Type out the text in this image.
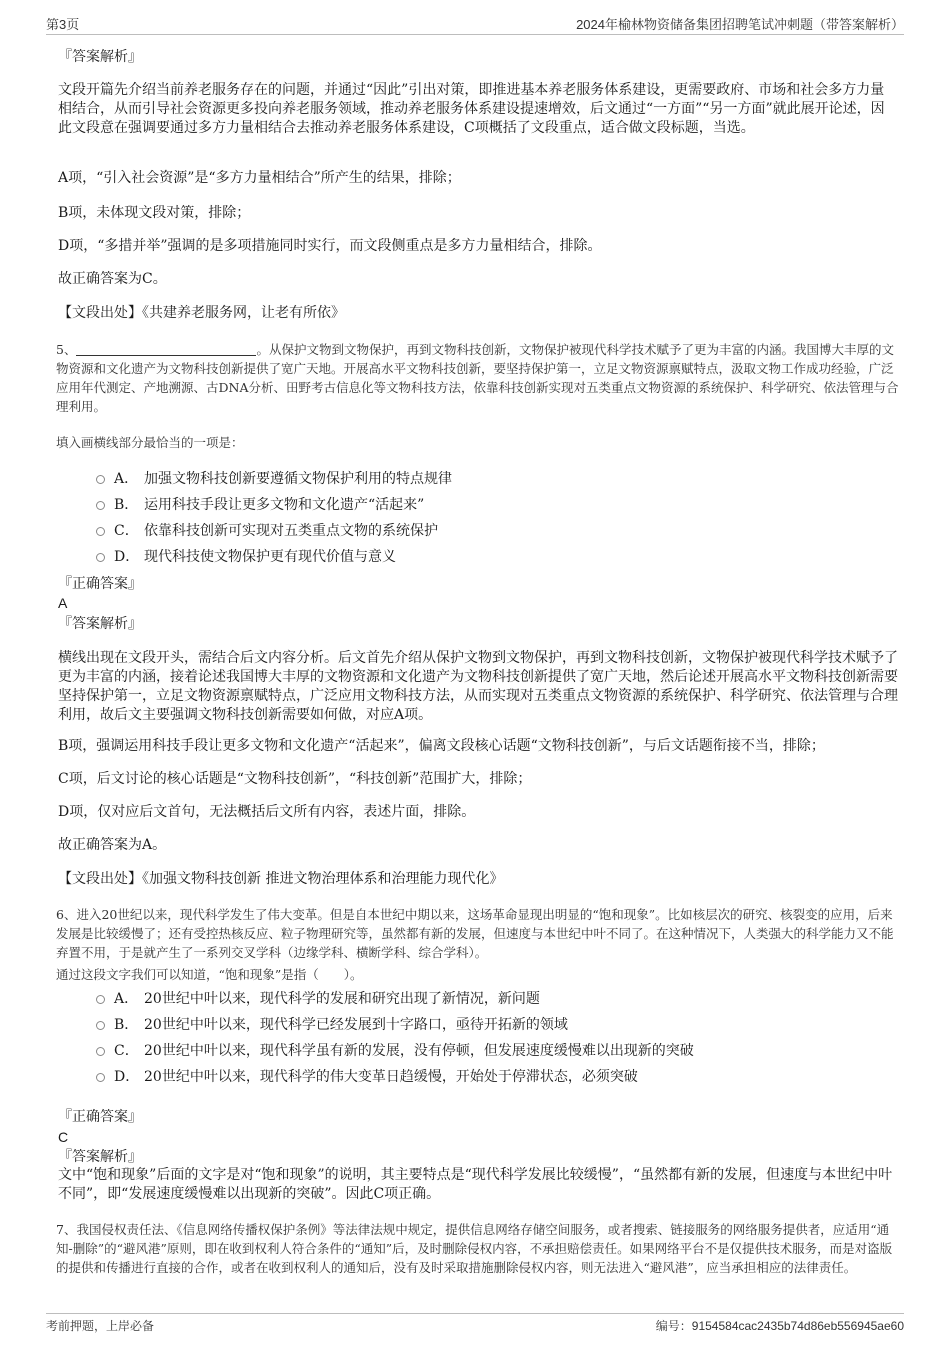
第3页	2024年榆林物资储备集团招聘笔试冲刺题（带答案解析）

『答案解析』

文段开篇先介绍当前养老服务存在的问题，并通过“因此”引出对策，即推进基本养老服务体系建设，更需要政府、市场和社会多方力量相结合，从而引导社会资源更多投向养老服务领域，推动养老服务体系建设提速增效，后文通过“一方面”“另一方面”就此展开论述，因此文段意在强调要通过多方力量相结合去推动养老服务体系建设，C项概括了文段重点，适合做文段标题，当选。

A项，“引入社会资源”是“多方力量相结合”所产生的结果，排除；

B项，未体现文段对策，排除；

D项，“多措并举”强调的是多项措施同时实行，而文段侧重点是多方力量相结合，排除。

故正确答案为C。

【文段出处】《共建养老服务网，让老有所依》

5、	。从保护文物到文物保护，再到文物科技创新，文物保护被现代科学技术赋予了更为丰富的内涵。我国博大丰厚的文物资源和文化遗产为文物科技创新提供了宽广天地。开展高水平文物科技创新，要坚持保护第一，立足文物资源禀赋特点，汲取文物工作成功经验，广泛应用年代测定、产地溯源、古DNA分析、田野考古信息化等文物科技方法，依靠科技创新实现对五类重点文物资源的系统保护、科学研究、依法管理与合理利用。

填入画横线部分最恰当的一项是：

A． 加强文物科技创新要遵循文物保护利用的特点规律
B． 运用科技手段让更多文物和文化遗产“活起来”
C． 依靠科技创新可实现对五类重点文物的系统保护
D． 现代科技使文物保护更有现代价值与意义

『正确答案』

A

『答案解析』

横线出现在文段开头，需结合后文内容分析。后文首先介绍从保护文物到文物保护，再到文物科技创新，文物保护被现代科学技术赋予了更为丰富的内涵，接着论述我国博大丰厚的文物资源和文化遗产为文物科技创新提供了宽广天地，然后论述开展高水平文物科技创新需要坚持保护第一，立足文物资源禀赋特点，广泛应用文物科技方法，从而实现对五类重点文物资源的系统保护、科学研究、依法管理与合理利用，故后文主要强调文物科技创新需要如何做，对应A项。

B项，强调运用科技手段让更多文物和文化遗产“活起来”，偏离文段核心话题“文物科技创新”，与后文话题衔接不当，排除；

C项，后文讨论的核心话题是“文物科技创新”，“科技创新”范围扩大，排除；

D项，仅对应后文首句，无法概括后文所有内容，表述片面，排除。

故正确答案为A。

【文段出处】《加强文物科技创新 推进文物治理体系和治理能力现代化》

6、进入20世纪以来，现代科学发生了伟大变革。但是自本世纪中期以来，这场革命显现出明显的“饱和现象”。比如核层次的研究、核裂变的应用，后来发展是比较缓慢了；还有受控热核反应、粒子物理研究等，虽然都有新的发展，但速度与本世纪中叶不同了。在这种情况下，人类强大的科学能力又不能弃置不用，于是就产生了一系列交叉学科（边缘学科、横断学科、综合学科）。

通过这段文字我们可以知道，“饱和现象”是指（　　）。

A． 20世纪中叶以来，现代科学的发展和研究出现了新情况，新问题
B． 20世纪中叶以来，现代科学已经发展到十字路口，亟待开拓新的领域
C． 20世纪中叶以来，现代科学虽有新的发展，没有停顿，但发展速度缓慢难以出现新的突破
D． 20世纪中叶以来，现代科学的伟大变革日趋缓慢，开始处于停滞状态，必须突破

『正确答案』

C

『答案解析』

文中“饱和现象”后面的文字是对“饱和现象”的说明，其主要特点是“现代科学发展比较缓慢”，“虽然都有新的发展，但速度与本世纪中叶不同”，即“发展速度缓慢难以出现新的突破”。因此C项正确。

7、我国侵权责任法、《信息网络传播权保护条例》等法律法规中规定，提供信息网络存储空间服务，或者搜索、链接服务的网络服务提供者，应适用“通知-删除”的“避风港”原则，即在收到权利人符合条件的“通知”后，及时删除侵权内容，不承担赔偿责任。如果网络平台不是仅提供技术服务，而是对盗版的提供和传播进行直接的合作，或者在收到权利人的通知后，没有及时采取措施删除侵权内容，则无法进入“避风港”，应当承担相应的法律责任。

考前押题，上岸必备	编号：9154584cac2435b74d86eb556945ae60
